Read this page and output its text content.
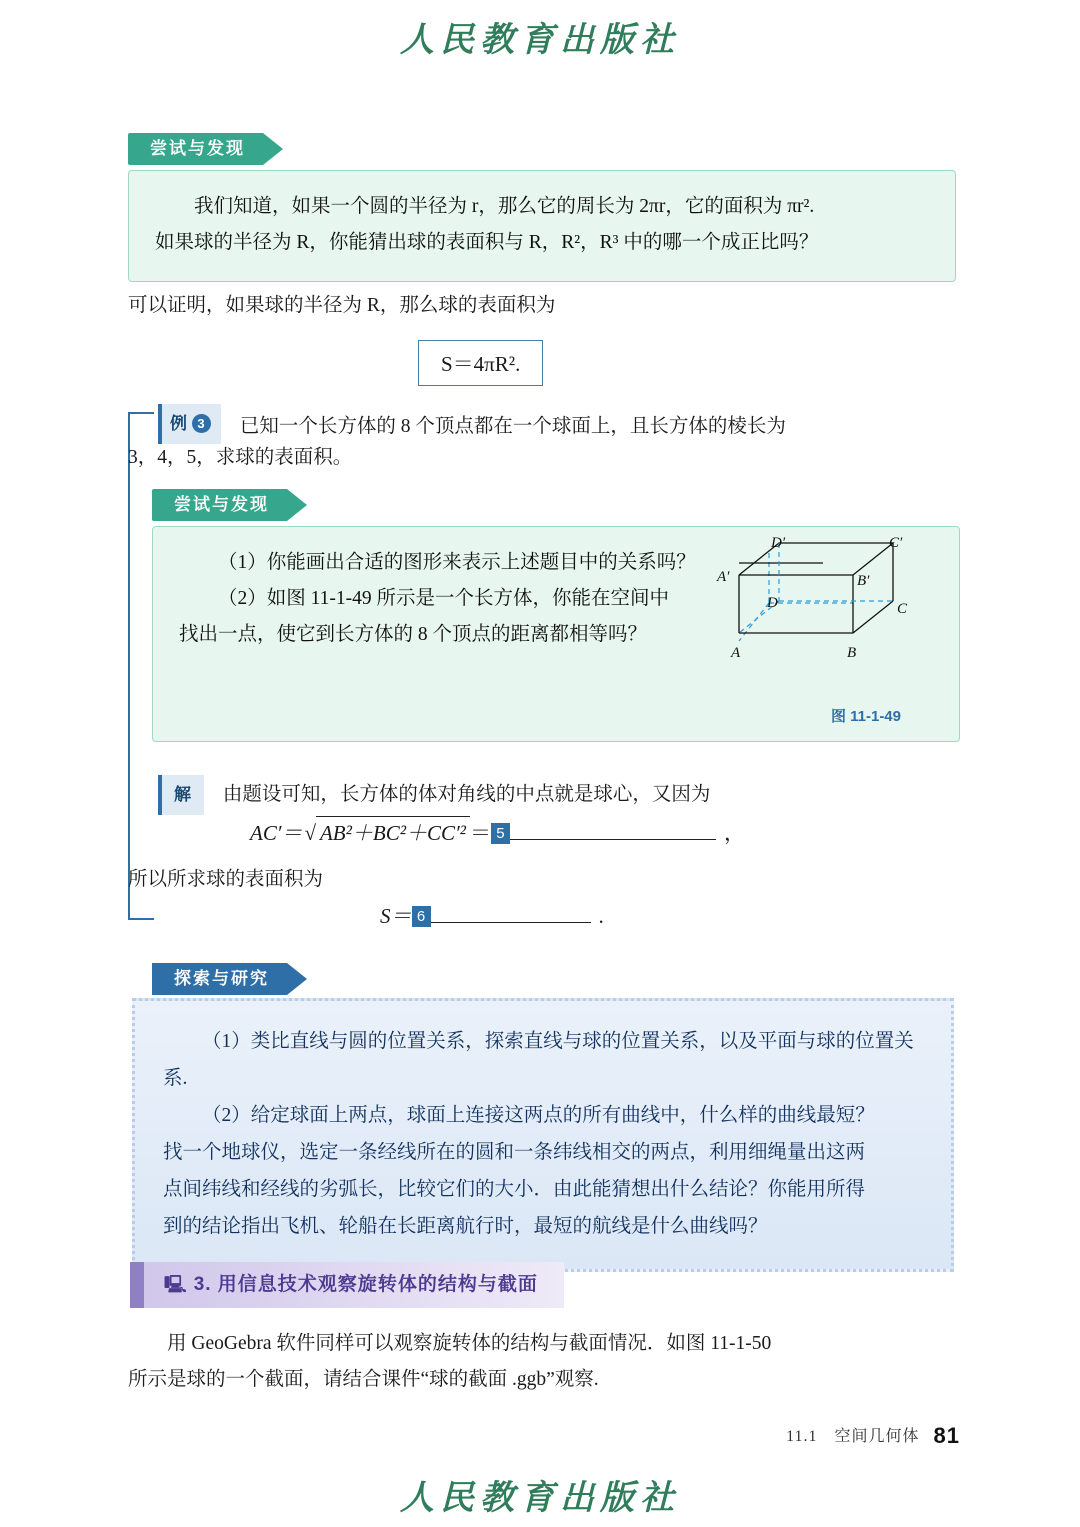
人民教育出版社
尝试与发现
我们知道，如果一个圆的半径为 r，那么它的周长为 2πr，它的面积为 πr².
如果球的半径为 R，你能猜出球的表面积与 R，R²，R³ 中的哪一个成正比吗？
可以证明，如果球的半径为 R，那么球的表面积为
S＝4πR².
例 3 已知一个长方体的 8 个顶点都在一个球面上，且长方体的棱长为
3，4，5，求球的表面积。
尝试与发现
（1）你能画出合适的图形来表示上述题目中的关系吗？
（2）如图 11-1-49 所示是一个长方体，你能在空间中
找出一点，使它到长方体的 8 个顶点的距离都相等吗？
D′	C′
A′	B′
D	C
A	B
图 11-1-49
解 由题设可知，长方体的体对角线的中点就是球心，又因为
AC′＝√ AB²＋BC²＋CC′² ＝ 5	，
所以所求球的表面积为
S＝ 6	.
探索与研究
（1）类比直线与圆的位置关系，探索直线与球的位置关系，以及平面与球的位置关系.
（2）给定球面上两点，球面上连接这两点的所有曲线中，什么样的曲线最短？
找一个地球仪，选定一条经线所在的圆和一条纬线相交的两点，利用细绳量出这两
点间纬线和经线的劣弧长，比较它们的大小．由此能猜想出什么结论？你能用所得
到的结论指出飞机、轮船在长距离航行时，最短的航线是什么曲线吗？
🖳 3. 用信息技术观察旋转体的结构与截面
用 GeoGebra 软件同样可以观察旋转体的结构与截面情况．如图 11-1-50
所示是球的一个截面，请结合课件“球的截面 .ggb”观察.
11.1　空间几何体 81
人民教育出版社
